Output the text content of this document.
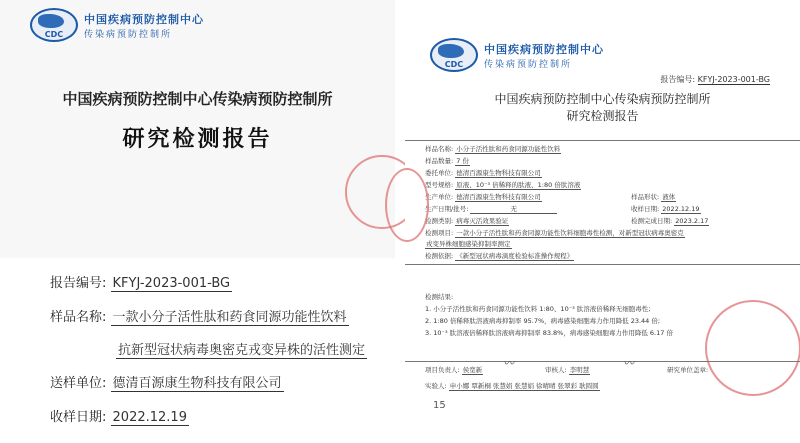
CDC
中国疾病预防控制中心
传染病预防控制所
中国疾病预防控制中心传染病预防控制所
研究检测报告
报告编号: KFYJ-2023-001-BG
样品名称: 一款小分子活性肽和药食同源功能性饮料
抗新型冠状病毒奥密克戎变异株的活性测定
送样单位: 德清百源康生物科技有限公司
收样日期: 2022.12.19
CDC
中国疾病预防控制中心
传染病预防控制所
报告编号: KFYJ-2023-001-BG
中国疾病预防控制中心传染病预防控制所
研究检测报告
样品名称: 小分子活性肽和药食同源功能性饮料
样品数量: 7 份
委托单位: 德清百源康生物科技有限公司
型号规格: 原液、10⁻³ 倍稀释的肽液、1:80 倍肽溶液
生产单位: 德清百源康生物科技有限公司	样品形状: 液体
生产日期/批号:	无	收样日期: 2022.12.19
检测类别: 病毒灭活效果验证	检测完成日期: 2023.2.17
检测项目: 一款小分子活性肽和药食同源功能性饮料细胞毒性检测，对新型冠状病毒奥密克
戎变异株细胞感染抑制率测定
检测依据: 《新型冠状病毒滴度检验标准操作规程》
检测结果:
1. 小分子活性肽和药食同源功能性饮料 1:80、10⁻³ 肽溶液倍稀释无细胞毒性;
2. 1:80 倍稀释肽溶液病毒抑制率 95.7%，病毒感染细胞毒力作用降低 23.44 倍;
3. 10⁻³ 肽溶液倍稀释肽溶液病毒抑制率 83.8%，病毒感染细胞毒力作用降低 6.17 倍
项目负责人: 侯宽新 〰	审核人: 李明慧	〰	研究单位盖章:
实验人: 申小娜 覃新桐 张慧娟 张慧娟 徐晴晴 张翠彩 耿圆圆
15
